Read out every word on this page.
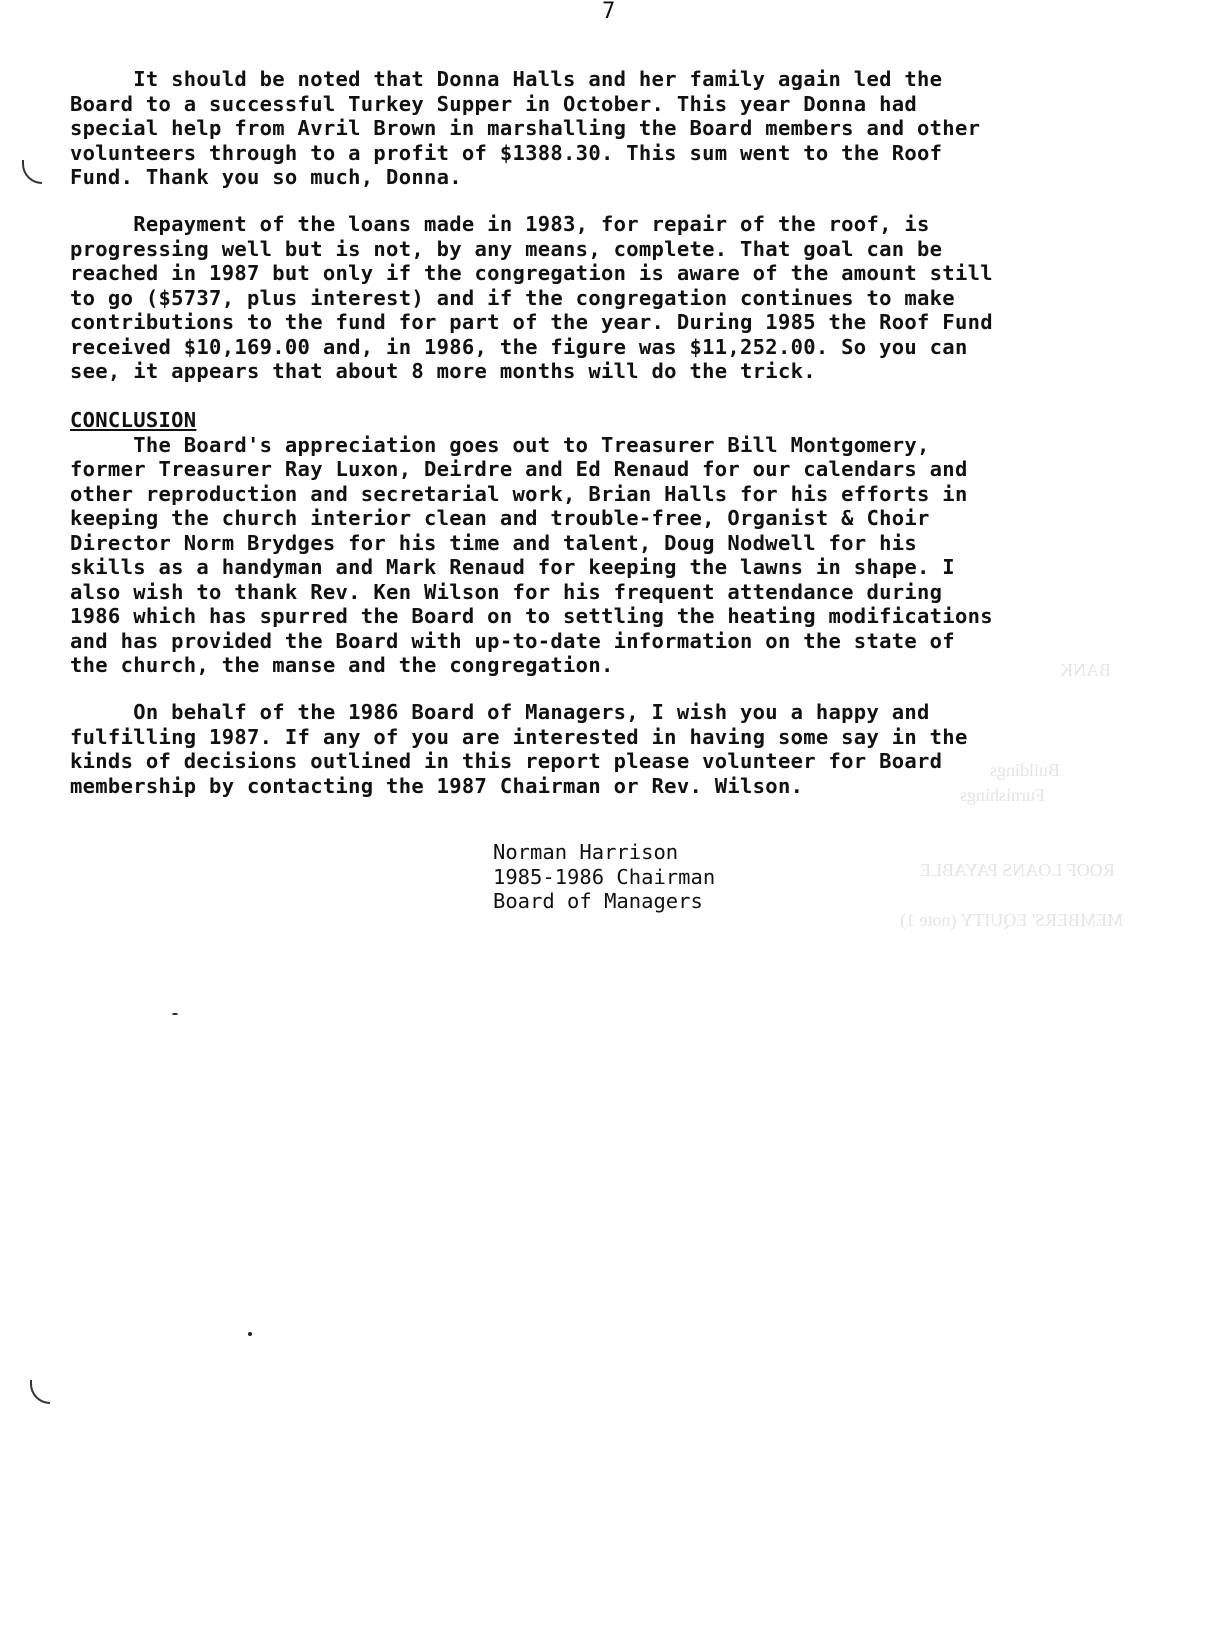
7
BANK
Buildings
Furnishings
ROOF LOANS PAYABLE
MEMBERS' EQUITY (note 1)
It should be noted that Donna Halls and her family again led the
Board to a successful Turkey Supper in October. This year Donna had
special help from Avril Brown in marshalling the Board members and other
volunteers through to a profit of $1388.30. This sum went to the Roof
Fund. Thank you so much, Donna.
Repayment of the loans made in 1983, for repair of the roof, is
progressing well but is not, by any means, complete. That goal can be
reached in 1987 but only if the congregation is aware of the amount still
to go ($5737, plus interest) and if the congregation continues to make
contributions to the fund for part of the year. During 1985 the Roof Fund
received $10,169.00 and, in 1986, the figure was $11,252.00. So you can
see, it appears that about 8 more months will do the trick.
CONCLUSION
The Board's appreciation goes out to Treasurer Bill Montgomery,
former Treasurer Ray Luxon, Deirdre and Ed Renaud for our calendars and
other reproduction and secretarial work, Brian Halls for his efforts in
keeping the church interior clean and trouble-free, Organist & Choir
Director Norm Brydges for his time and talent, Doug Nodwell for his
skills as a handyman and Mark Renaud for keeping the lawns in shape. I
also wish to thank Rev. Ken Wilson for his frequent attendance during
1986 which has spurred the Board on to settling the heating modifications
and has provided the Board with up-to-date information on the state of
the church, the manse and the congregation.
On behalf of the 1986 Board of Managers, I wish you a happy and
fulfilling 1987. If any of you are interested in having some say in the
kinds of decisions outlined in this report please volunteer for Board
membership by contacting the 1987 Chairman or Rev. Wilson.
Norman Harrison
1985-1986 Chairman
Board of Managers
